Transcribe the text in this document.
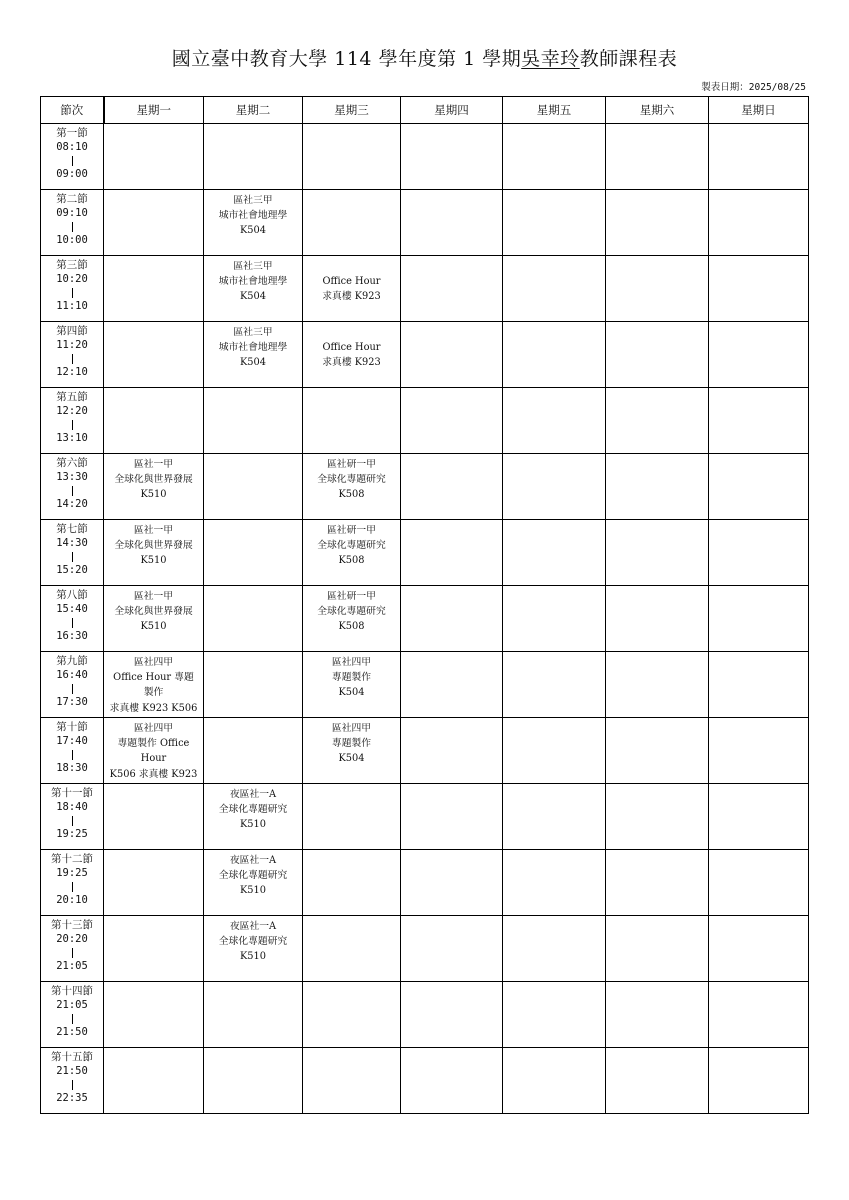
國立臺中教育大學 114 學年度第 1 學期吳幸玲教師課程表
製表日期：2025/08/25
節次	星期一	星期二	星期三	星期四	星期五	星期六	星期日

第一節
08:10
09:00							

第二節
09:10
10:00		區社三甲
城市社會地理學
K504					

第三節
10:20
11:10		區社三甲
城市社會地理學
K504	Office Hour
求真樓 K923				

第四節
11:20
12:10		區社三甲
城市社會地理學
K504	Office Hour
求真樓 K923				

第五節
12:20
13:10							

第六節
13:30
14:20	區社一甲
全球化與世界發展
K510		區社研一甲
全球化專題研究
K508				

第七節
14:30
15:20	區社一甲
全球化與世界發展
K510		區社研一甲
全球化專題研究
K508				

第八節
15:40
16:30	區社一甲
全球化與世界發展
K510		區社研一甲
全球化專題研究
K508				

第九節
16:40
17:30	區社四甲
Office Hour 專題
製作
求真樓 K923 K506		區社四甲
專題製作
K504				

第十節
17:40
18:30	區社四甲
專題製作 Office
Hour
K506 求真樓 K923		區社四甲
專題製作
K504				

第十一節
18:40
19:25		夜區社一A
全球化專題研究
K510					

第十二節
19:25
20:10		夜區社一A
全球化專題研究
K510					

第十三節
20:20
21:05		夜區社一A
全球化專題研究
K510					

第十四節
21:05
21:50							

第十五節
21:50
22:35							
